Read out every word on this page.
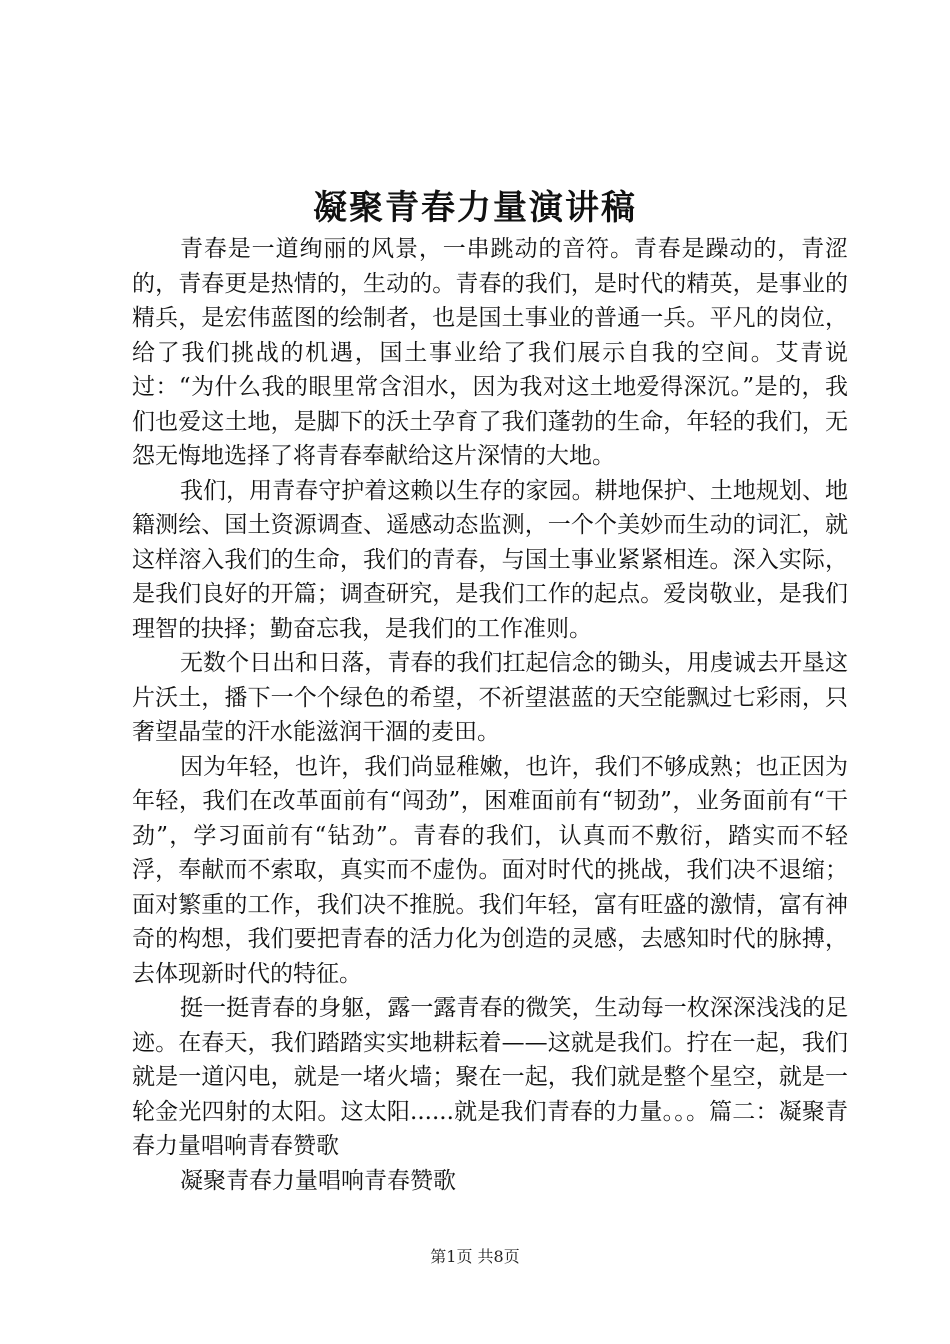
凝聚青春力量演讲稿

青春是一道绚丽的风景，一串跳动的音符。青春是躁动的，青涩的，青春更是热情的，生动的。青春的我们，是时代的精英，是事业的精兵，是宏伟蓝图的绘制者，也是国土事业的普通一兵。平凡的岗位，给了我们挑战的机遇，国土事业给了我们展示自我的空间。艾青说过：“为什么我的眼里常含泪水，因为我对这土地爱得深沉。”是的，我们也爱这土地，是脚下的沃土孕育了我们蓬勃的生命，年轻的我们，无怨无悔地选择了将青春奉献给这片深情的大地。

我们，用青春守护着这赖以生存的家园。耕地保护、土地规划、地籍测绘、国土资源调查、遥感动态监测，一个个美妙而生动的词汇，就这样溶入我们的生命，我们的青春，与国土事业紧紧相连。深入实际，是我们良好的开篇；调查研究，是我们工作的起点。爱岗敬业，是我们理智的抉择；勤奋忘我，是我们的工作准则。

无数个日出和日落，青春的我们扛起信念的锄头，用虔诚去开垦这片沃土，播下一个个绿色的希望，不祈望湛蓝的天空能飘过七彩雨，只奢望晶莹的汗水能滋润干涸的麦田。

因为年轻，也许，我们尚显稚嫩，也许，我们不够成熟；也正因为年轻，我们在改革面前有“闯劲”，困难面前有“韧劲”，业务面前有“干劲”，学习面前有“钻劲”。青春的我们，认真而不敷衍，踏实而不轻浮，奉献而不索取，真实而不虚伪。面对时代的挑战，我们决不退缩；面对繁重的工作，我们决不推脱。我们年轻，富有旺盛的激情，富有神奇的构想，我们要把青春的活力化为创造的灵感，去感知时代的脉搏，去体现新时代的特征。

挺一挺青春的身躯，露一露青春的微笑，生动每一枚深深浅浅的足迹。在春天，我们踏踏实实地耕耘着——这就是我们。拧在一起，我们就是一道闪电，就是一堵火墙；聚在一起，我们就是整个星空，就是一轮金光四射的太阳。这太阳......就是我们青春的力量。。。篇二：凝聚青春力量唱响青春赞歌

凝聚青春力量唱响青春赞歌

第1页 共8页
